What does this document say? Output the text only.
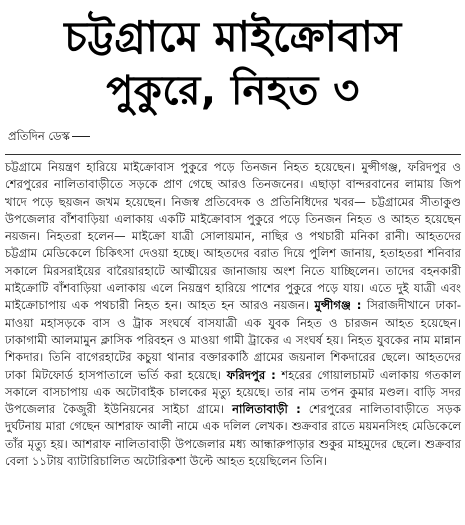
চট্টগ্রামে মাইক্রোবাস
পুকুরে, নিহত ৩
প্রতিদিন ডেস্ক
চট্টগ্রামে নিয়ন্ত্রণ হারিয়ে মাইক্রোবাস পুকুরে পড়ে তিনজন নিহত হয়েছেন। মুন্সীগঞ্জ, ফরিদপুর ও শেরপুরের নালিতাবাড়ীতে সড়কে প্রাণ গেছে আরও তিনজনের। এছাড়া বান্দরবানের লামায় জিপ খাদে পড়ে ছয়জন জখম হয়েছেন। নিজস্ব প্রতিবেদক ও প্রতিনিধিদের খবর— চট্টগ্রামের সীতাকুণ্ড উপজেলার বাঁশবাড়িয়া এলাকায় একটি মাইক্রোবাস পুকুরে পড়ে তিনজন নিহত ও আহত হয়েছেন নয়জন। নিহতরা হলেন— মাইক্রো যাত্রী সোলায়মান, নাছির ও পথচারী মনিকা রানী। আহতদের চট্টগ্রাম মেডিকেলে চিকিৎসা দেওয়া হচ্ছে। আহতদের বরাত দিয়ে পুলিশ জানায়, হতাহতরা শনিবার সকালে মিরসরাইয়ের বারৈয়ারহাটে আত্মীয়ের জানাজায় অংশ নিতে যাচ্ছিলেন। তাদের বহনকারী মাইক্রোটি বাঁশবাড়িয়া এলাকায় এলে নিয়ন্ত্রণ হারিয়ে পাশের পুকুরে পড়ে যায়। এতে দুই যাত্রী এবং মাইক্রোচাপায় এক পথচারী নিহত হন। আহত হন আরও নয়জন। মুন্সীগঞ্জ : সিরাজদীখানে ঢাকা-মাওয়া মহাসড়কে বাস ও ট্রাক সংঘর্ষে বাসযাত্রী এক যুবক নিহত ও চারজন আহত হয়েছেন। ঢাকাগামী আলমামুন ক্লাসিক পরিবহন ও মাওয়া গামী ট্রাকের এ সংঘর্ষ হয়। নিহত যুবকের নাম মান্নান শিকদার। তিনি বাগেরহাটের কচুয়া থানার বক্তারকাঠি গ্রামের জয়নাল শিকদারের ছেলে। আহতদের ঢাকা মিটফোর্ড হাসপাতালে ভর্তি করা হয়েছে। ফরিদপুর : শহরের গোয়ালচামট এলাকায় গতকাল সকালে বাসচাপায় এক অটোবাইক চালকের মৃত্যু হয়েছে। তার নাম তপন কুমার মণ্ডল। বাড়ি সদর উপজেলার কৈজুরী ইউনিয়নের সাইচা গ্রামে। নালিতাবাড়ী : শেরপুরের নালিতাবাড়ীতে সড়ক দুর্ঘটনায় মারা গেছেন আশরাফ আলী নামে এক দলিল লেখক। শুক্রবার রাতে ময়মনসিংহ মেডিকেলে তাঁর মৃত্যু হয়। আশরাফ নালিতাবাড়ী উপজেলার মধ্য আন্ধারুপাড়ার শুকুর মাহমুদের ছেলে। শুক্রবার বেলা ১১টায় ব্যাটারিচালিত অটোরিকশা উল্টে আহত হয়েছিলেন তিনি।
